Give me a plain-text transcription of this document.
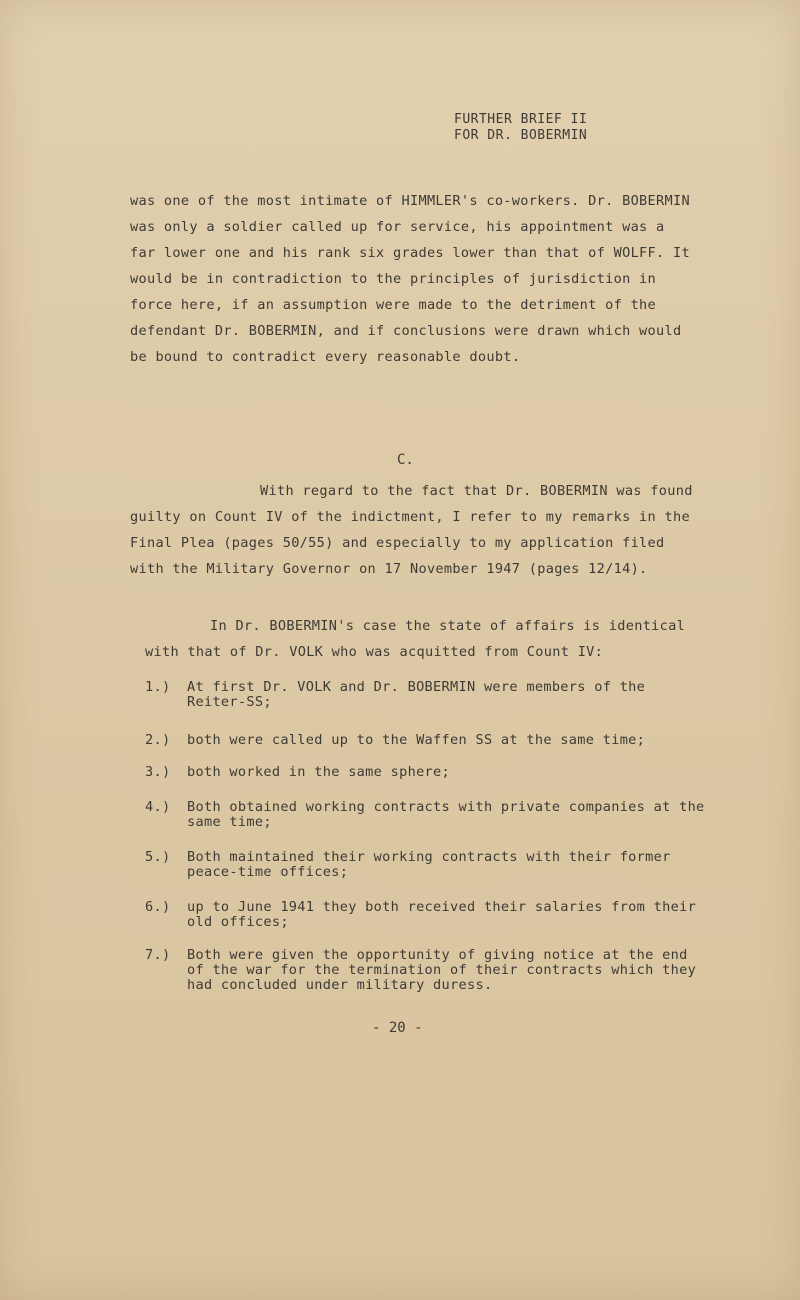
FURTHER BRIEF II
FOR DR. BOBERMIN

was one of the most intimate of HIMMLER's co-workers. Dr. BOBERMIN was only a soldier called up for service, his appointment was a far lower one and his rank six grades lower than that of WOLFF. It would be in contradiction to the principles of jurisdiction in force here, if an assumption were made to the detriment of the defendant Dr. BOBERMIN, and if conclusions were drawn which would be bound to contradict every reasonable doubt.

C.

With regard to the fact that Dr. BOBERMIN was found guilty on Count IV of the indictment, I refer to my remarks in the Final Plea (pages 50/55) and especially to my application filed with the Military Governor on 17 November 1947 (pages 12/14).

In Dr. BOBERMIN's case the state of affairs is identical with that of Dr. VOLK who was acquitted from Count IV:

1.) At first Dr. VOLK and Dr. BOBERMIN were members of the Reiter-SS;
2.) both were called up to the Waffen SS at the same time;
3.) both worked in the same sphere;
4.) Both obtained working contracts with private companies at the same time;
5.) Both maintained their working contracts with their former peace-time offices;
6.) up to June 1941 they both received their salaries from their old offices;
7.) Both were given the opportunity of giving notice at the end of the war for the termination of their contracts which they had concluded under military duress.
- 20 -
